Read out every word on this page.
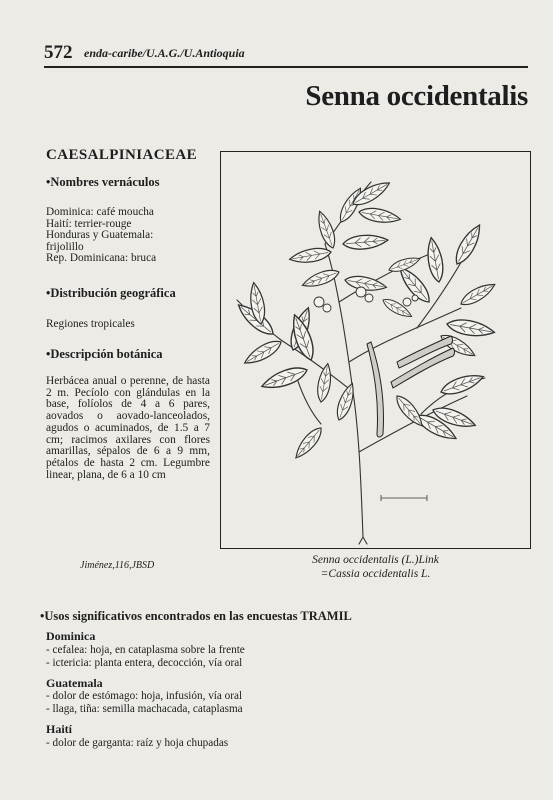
572 enda-caribe/U.A.G./U.Antioquia
Senna occidentalis
CAESALPINIACEAE
•Nombres vernáculos
Dominica: café moucha
Haití: terrier-rouge
Honduras y Guatemala:
frijolillo
Rep. Dominicana: bruca
•Distribución geográfica
Regiones tropicales
•Descripción botánica
Herbácea anual o perenne, de hasta 2 m. Pecíolo con glándulas en la base, folíolos de 4 a 6 pares, aovados o aovado-lanceolados, agudos o acuminados, de 1.5 a 7 cm; racimos axilares con flores amarillas, sépalos de 6 a 9 mm, pétalos de hasta 2 cm. Legumbre linear, plana, de 6 a 10 cm
Jiménez,116,JBSD	Senna occidentalis (L.)Link
=Cassia occidentalis L.
•Usos significativos encontrados en las encuestas TRAMIL
Dominica
- cefalea: hoja, en cataplasma sobre la frente
- ictericia: planta entera, decocción, vía oral
Guatemala
- dolor de estómago: hoja, infusión, vía oral
- llaga, tiña: semilla machacada, cataplasma
Haití
- dolor de garganta: raíz y hoja chupadas
